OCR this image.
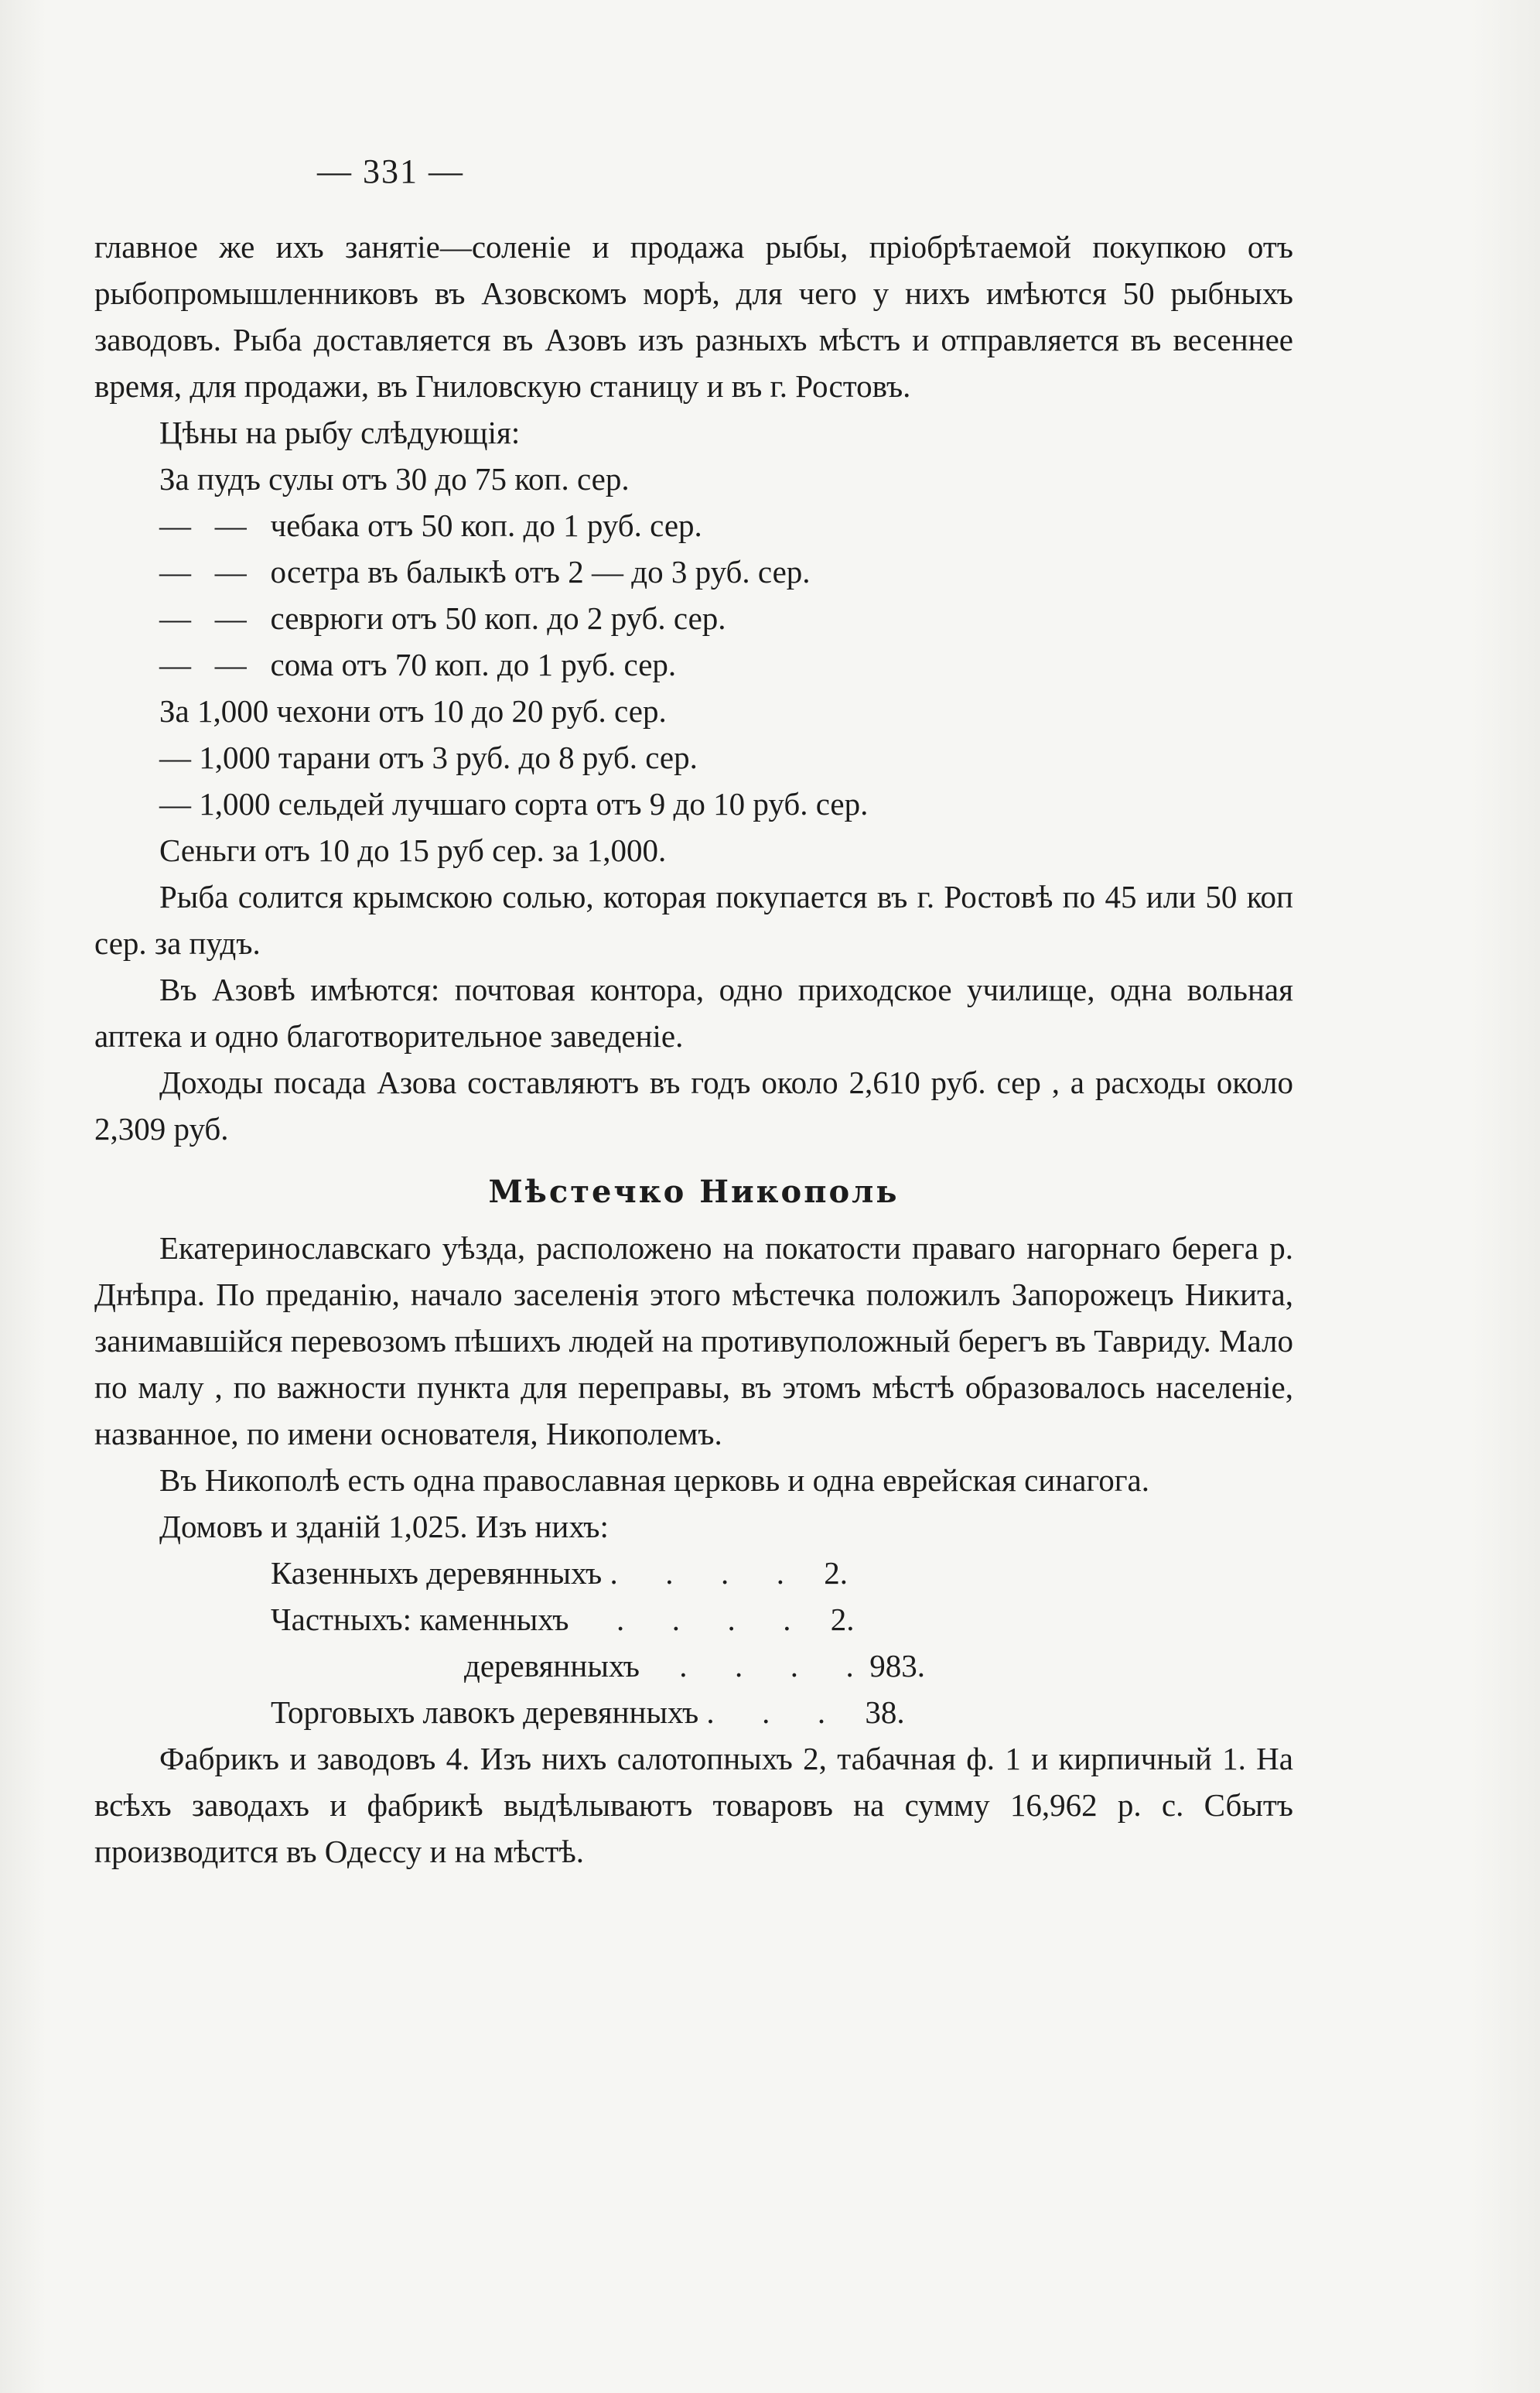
— 331 —

главное же ихъ занятіе—соленіе и продажа рыбы, пріобрѣтаемой покупкою отъ рыбопромышленниковъ въ Азовскомъ морѣ, для чего у нихъ имѣются 50 рыбныхъ заводовъ. Рыба доставляется въ Азовъ изъ разныхъ мѣстъ и отправляется въ весеннее время, для продажи, въ Гниловскую станицу и въ г. Ростовъ.

Цѣны на рыбу слѣдующія:

За пудъ сулы отъ 30 до 75 коп. сер.
—   —   чебака отъ 50 коп. до 1 руб. сер.
—   —   осетра въ балыкѣ отъ 2 — до 3 руб. сер.
—   —   севрюги отъ 50 коп. до 2 руб. сер.
—   —   сома отъ 70 коп. до 1 руб. сер.
За 1,000 чехони отъ 10 до 20 руб. сер.
— 1,000 тарани отъ 3 руб. до 8 руб. сер.
— 1,000 сельдей лучшаго сорта отъ 9 до 10 руб. сер.
Сеньги отъ 10 до 15 руб сер. за 1,000.

Рыба солится крымскою солью, которая покупается въ г. Ростовѣ по 45 или 50 коп сер. за пудъ.

Въ Азовѣ имѣются: почтовая контора, одно приходское училище, одна вольная аптека и одно благотворительное заведеніе.

Доходы посада Азова составляютъ въ годъ около 2,610 руб. сер , а расходы около 2,309 руб.

Мѣстечко Никополь

Екатеринославскаго уѣзда, расположено на покатости праваго нагорнаго берега р. Днѣпра. По преданію, начало заселенія этого мѣстечка положилъ Запорожецъ Никита, занимавшійся перевозомъ пѣшихъ людей на противуположный берегъ въ Тавриду. Мало по малу , по важности пункта для переправы, въ этомъ мѣстѣ образовалось населеніе, названное, по имени основателя, Никополемъ.

Въ Никополѣ есть одна православная церковь и одна еврейская синагога.

Домовъ и зданій 1,025. Изъ нихъ:

Казенныхъ деревянныхъ .      .      .      .     2.
Частныхъ: каменныхъ      .      .      .      .     2.
деревянныхъ     .      .      .      .  983.
Торговыхъ лавокъ деревянныхъ .      .      .     38.

Фабрикъ и заводовъ 4. Изъ нихъ салотопныхъ 2, табачная ф. 1 и кирпичный 1. На всѣхъ заводахъ и фабрикѣ выдѣлываютъ товаровъ на сумму 16,962 р. с. Сбытъ производится въ Одессу и на мѣстѣ.
